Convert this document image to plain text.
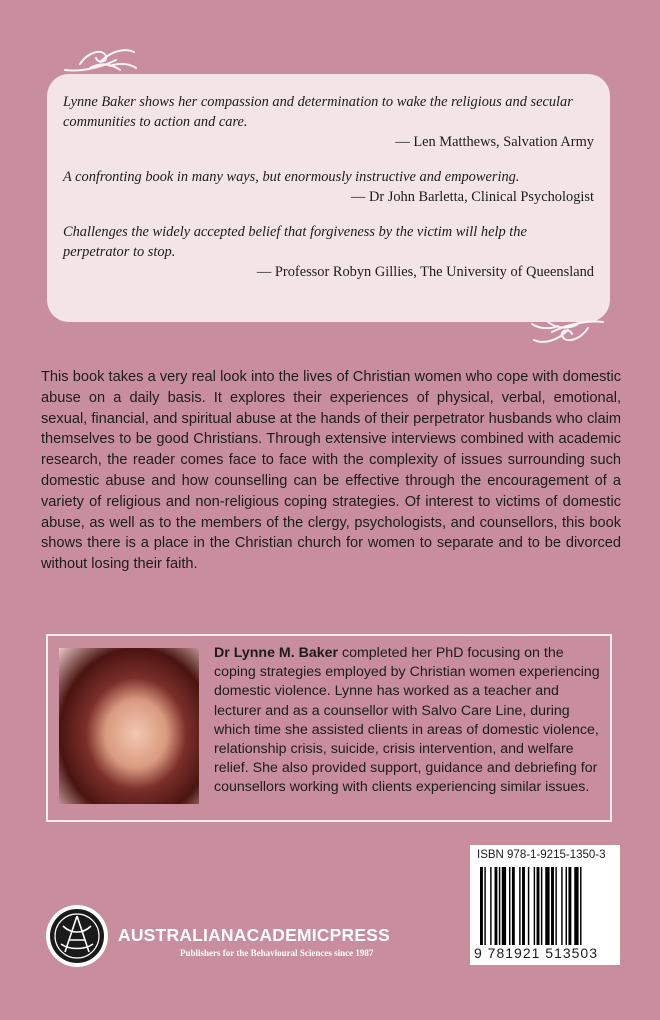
Lynne Baker shows her compassion and determination to wake the religious and secular communities to action and care.

— Len Matthews, Salvation Army

A confronting book in many ways, but enormously instructive and empowering.

— Dr John Barletta, Clinical Psychologist

Challenges the widely accepted belief that forgiveness by the victim will help the perpetrator to stop.

— Professor Robyn Gillies, The University of Queensland

This book takes a very real look into the lives of Christian women who cope with domestic abuse on a daily basis. It explores their experiences of physical, verbal, emotional, sexual, financial, and spiritual abuse at the hands of their perpetrator husbands who claim themselves to be good Christians. Through extensive interviews combined with academic research, the reader comes face to face with the complexity of issues surrounding such domestic abuse and how counselling can be effective through the encouragement of a variety of religious and non-religious coping strategies. Of interest to victims of domestic abuse, as well as to the members of the clergy, psychologists, and counsellors, this book shows there is a place in the Christian church for women to separate and to be divorced without losing their faith.

Dr Lynne M. Baker completed her PhD focusing on the coping strategies employed by Christian women experiencing domestic violence. Lynne has worked as a teacher and lecturer and as a counsellor with Salvo Care Line, during which time she assisted clients in areas of domestic violence, relationship crisis, suicide, crisis intervention, and welfare relief. She also provided support, guidance and debriefing for counsellors working with clients experiencing similar issues.

AUSTRALIANACADEMICPRESS

Publishers for the Behavioural Sciences since 1987

ISBN 978-1-9215-1350-3
9 781921 513503
